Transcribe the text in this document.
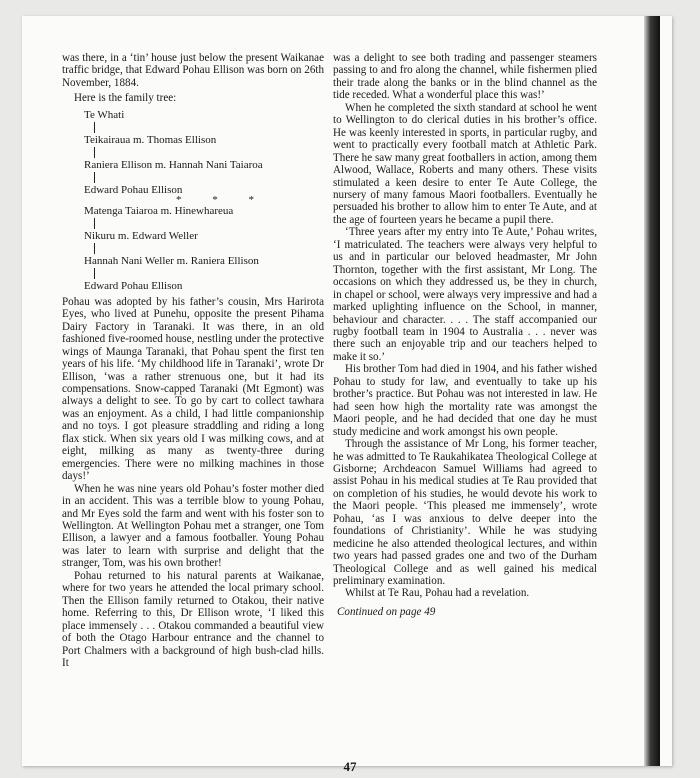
was there, in a ‘tin’ house just below the present Waikanae traffic bridge, that Edward Pohau Ellison was born on 26th November, 1884.

Here is the family tree:

Te Whati
Teikairaua m. Thomas Ellison
Raniera Ellison m. Hannah Nani Taiaroa
Edward Pohau Ellison
* * *
Matenga Taiaroa m. Hinewhareua
Nikuru m. Edward Weller
Hannah Nani Weller m. Raniera Ellison
Edward Pohau Ellison

Pohau was adopted by his father’s cousin, Mrs Harirota Eyes, who lived at Punehu, opposite the present Pihama Dairy Factory in Taranaki. It was there, in an old fashioned five-roomed house, nestling under the protective wings of Maunga Taranaki, that Pohau spent the first ten years of his life. ‘My childhood life in Taranaki’, wrote Dr Ellison, ‘was a rather strenuous one, but it had its compensations. Snow-capped Taranaki (Mt Egmont) was always a delight to see. To go by cart to collect tawhara was an enjoyment. As a child, I had little companionship and no toys. I got pleasure straddling and riding a long flax stick. When six years old I was milking cows, and at eight, milking as many as twenty-three during emergencies. There were no milking machines in those days!’

When he was nine years old Pohau’s foster mother died in an accident. This was a terrible blow to young Pohau, and Mr Eyes sold the farm and went with his foster son to Wellington. At Wellington Pohau met a stranger, one Tom Ellison, a lawyer and a famous footballer. Young Pohau was later to learn with surprise and delight that the stranger, Tom, was his own brother!

Pohau returned to his natural parents at Waikanae, where for two years he attended the local primary school. Then the Ellison family returned to Otakou, their native home. Referring to this, Dr Ellison wrote, ‘I liked this place immensely . . . Otakou commanded a beautiful view of both the Otago Harbour entrance and the channel to Port Chalmers with a background of high bush-clad hills. It

was a delight to see both trading and passenger steamers passing to and fro along the channel, while fishermen plied their trade along the banks or in the blind channel as the tide receded. What a wonderful place this was!’

When he completed the sixth standard at school he went to Wellington to do clerical duties in his brother’s office. He was keenly interested in sports, in particular rugby, and went to practically every football match at Athletic Park. There he saw many great footballers in action, among them Alwood, Wallace, Roberts and many others. These visits stimulated a keen desire to enter Te Aute College, the nursery of many famous Maori footballers. Eventually he persuaded his brother to allow him to enter Te Aute, and at the age of fourteen years he became a pupil there.

‘Three years after my entry into Te Aute,’ Pohau writes, ‘I matriculated. The teachers were always very helpful to us and in particular our beloved headmaster, Mr John Thornton, together with the first assistant, Mr Long. The occasions on which they addressed us, be they in church, in chapel or school, were always very impressive and had a marked uplighting influence on the School, in manner, behaviour and character. . . . The staff accompanied our rugby football team in 1904 to Australia . . . never was there such an enjoyable trip and our teachers helped to make it so.’

His brother Tom had died in 1904, and his father wished Pohau to study for law, and eventually to take up his brother’s practice. But Pohau was not interested in law. He had seen how high the mortality rate was amongst the Maori people, and he had decided that one day he must study medicine and work amongst his own people.

Through the assistance of Mr Long, his former teacher, he was admitted to Te Raukahikatea Theological College at Gisborne; Archdeacon Samuel Williams had agreed to assist Pohau in his medical studies at Te Rau provided that on completion of his studies, he would devote his work to the Maori people. ‘This pleased me immensely’, wrote Pohau, ‘as I was anxious to delve deeper into the foundations of Christianity’. While he was studying medicine he also attended theological lectures, and within two years had passed grades one and two of the Durham Theological College and as well gained his medical preliminary examination.

Whilst at Te Rau, Pohau had a revelation.

Continued on page 49

47
